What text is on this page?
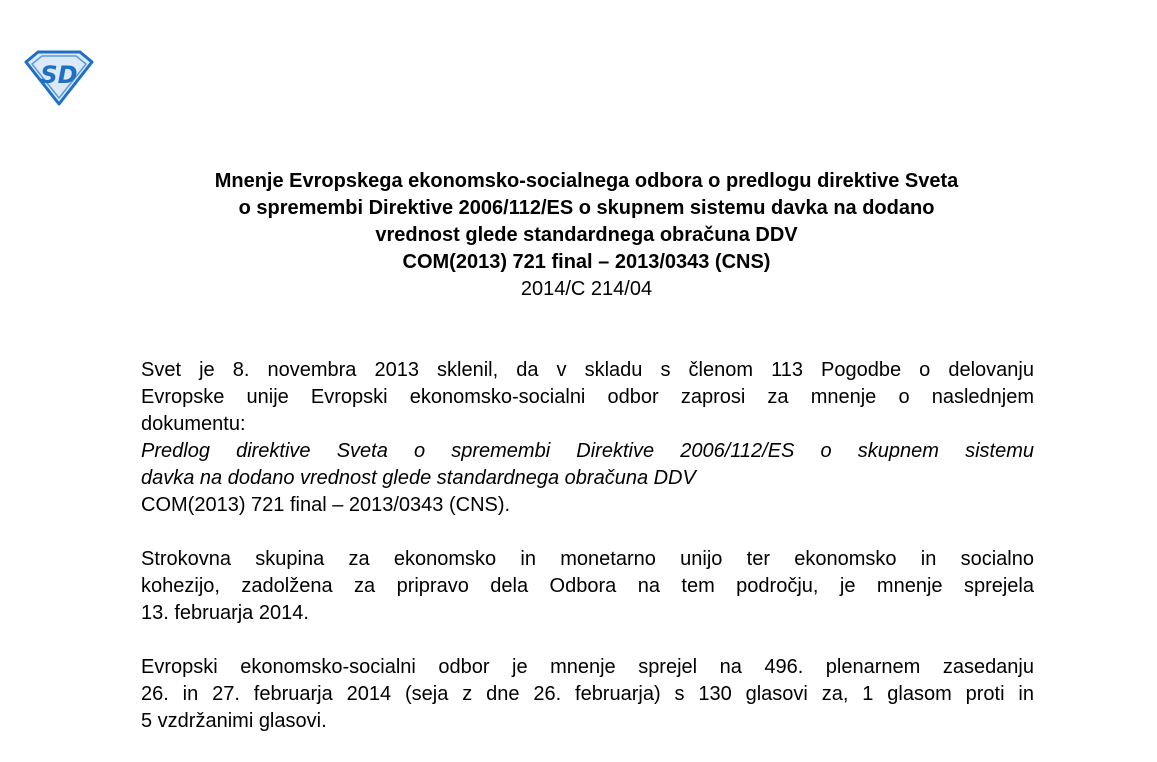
SD
Mnenje Evropskega ekonomsko-socialnega odbora o predlogu direktive Sveta
o spremembi Direktive 2006/112/ES o skupnem sistemu davka na dodano
vrednost glede standardnega obračuna DDV
COM(2013) 721 final – 2013/0343 (CNS)
2014/C 214/04
Svet je 8. novembra 2013 sklenil, da v skladu s členom 113 Pogodbe o delovanju
Evropske unije Evropski ekonomsko-socialni odbor zaprosi za mnenje o naslednjem
dokumentu:
Predlog direktive Sveta o spremembi Direktive 2006/112/ES o skupnem sistemu
davka na dodano vrednost glede standardnega obračuna DDV
COM(2013) 721 final – 2013/0343 (CNS).
Strokovna skupina za ekonomsko in monetarno unijo ter ekonomsko in socialno
kohezijo, zadolžena za pripravo dela Odbora na tem področju, je mnenje sprejela
13. februarja 2014.
Evropski ekonomsko-socialni odbor je mnenje sprejel na 496. plenarnem zasedanju
26. in 27. februarja 2014 (seja z dne 26. februarja) s 130 glasovi za, 1 glasom proti in
5 vzdržanimi glasovi.
